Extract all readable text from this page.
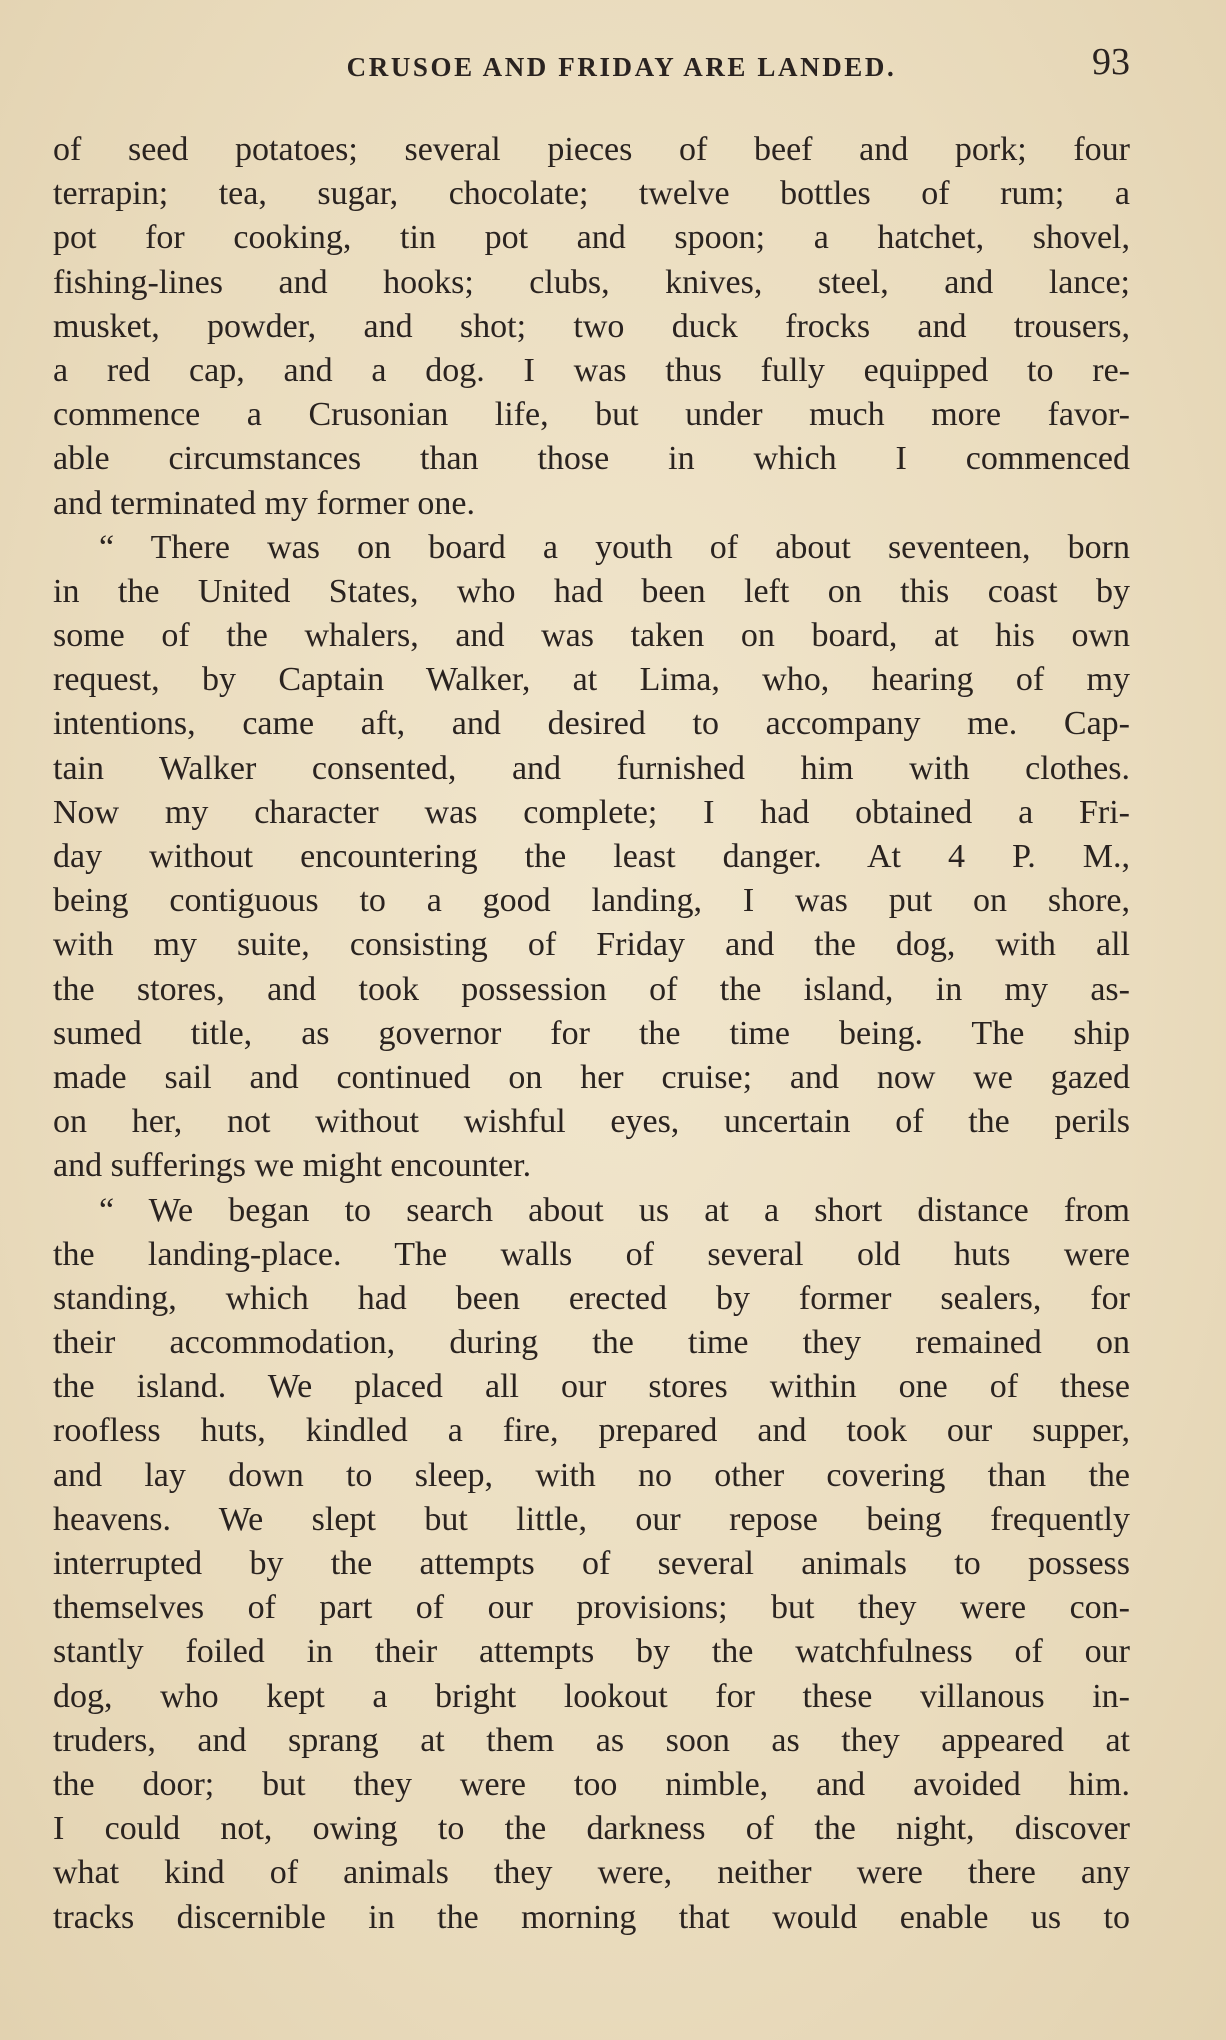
CRUSOE AND FRIDAY ARE LANDED.	93
of seed potatoes; several pieces of beef and pork; four
terrapin; tea, sugar, chocolate; twelve bottles of rum; a
pot for cooking, tin pot and spoon; a hatchet, shovel,
fishing-lines and hooks; clubs, knives, steel, and lance;
musket, powder, and shot; two duck frocks and trousers,
a red cap, and a dog. I was thus fully equipped to re-
commence a Crusonian life, but under much more favor-
able circumstances than those in which I commenced
and terminated my former one.
“ There was on board a youth of about seventeen, born
in the United States, who had been left on this coast by
some of the whalers, and was taken on board, at his own
request, by Captain Walker, at Lima, who, hearing of my
intentions, came aft, and desired to accompany me. Cap-
tain Walker consented, and furnished him with clothes.
Now my character was complete; I had obtained a Fri-
day without encountering the least danger. At 4 P. M.,
being contiguous to a good landing, I was put on shore,
with my suite, consisting of Friday and the dog, with all
the stores, and took possession of the island, in my as-
sumed title, as governor for the time being. The ship
made sail and continued on her cruise; and now we gazed
on her, not without wishful eyes, uncertain of the perils
and sufferings we might encounter.
“ We began to search about us at a short distance from
the landing-place. The walls of several old huts were
standing, which had been erected by former sealers, for
their accommodation, during the time they remained on
the island. We placed all our stores within one of these
roofless huts, kindled a fire, prepared and took our supper,
and lay down to sleep, with no other covering than the
heavens. We slept but little, our repose being frequently
interrupted by the attempts of several animals to possess
themselves of part of our provisions; but they were con-
stantly foiled in their attempts by the watchfulness of our
dog, who kept a bright lookout for these villanous in-
truders, and sprang at them as soon as they appeared at
the door; but they were too nimble, and avoided him.
I could not, owing to the darkness of the night, discover
what kind of animals they were, neither were there any
tracks discernible in the morning that would enable us to
